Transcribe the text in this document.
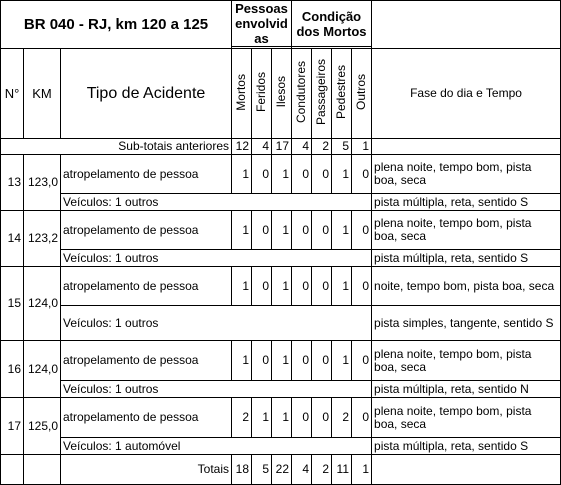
BR 040 - RJ, km 120 a 125			Pessoas envolvid as			Condição dos Mortos				

N°	KM	Tipo de Acidente	Mortos	Feridos	Ilesos	Condutores	Passageiros	Pedestres	Outros	Fase do dia e Tempo
Sub-totais anteriores			12	4	17	4	2	5	1	
13	123,0	atropelamento de pessoa	1	0	1	0	0	1	0	plena noite, tempo bom, pista boa, seca
		Veículos: 1 outros								pista múltipla, reta, sentido S
14	123,2	atropelamento de pessoa	1	0	1	0	0	1	0	plena noite, tempo bom, pista boa, seca
		Veículos: 1 outros								pista múltipla, reta, sentido S
15	124,0	atropelamento de pessoa	1	0	1	0	0	1	0	noite, tempo bom, pista boa, seca
		Veículos: 1 outros								pista simples, tangente, sentido S
16	124,0	atropelamento de pessoa	1	0	1	0	0	1	0	plena noite, tempo bom, pista boa, seca
		Veículos: 1 outros								pista múltipla, reta, sentido N
17	125,0	atropelamento de pessoa	2	1	1	0	0	2	0	plena noite, tempo bom, pista boa, seca
		Veículos: 1 automóvel								pista múltipla, reta, sentido S
		Totais	18	5	22	4	2	11	1	
